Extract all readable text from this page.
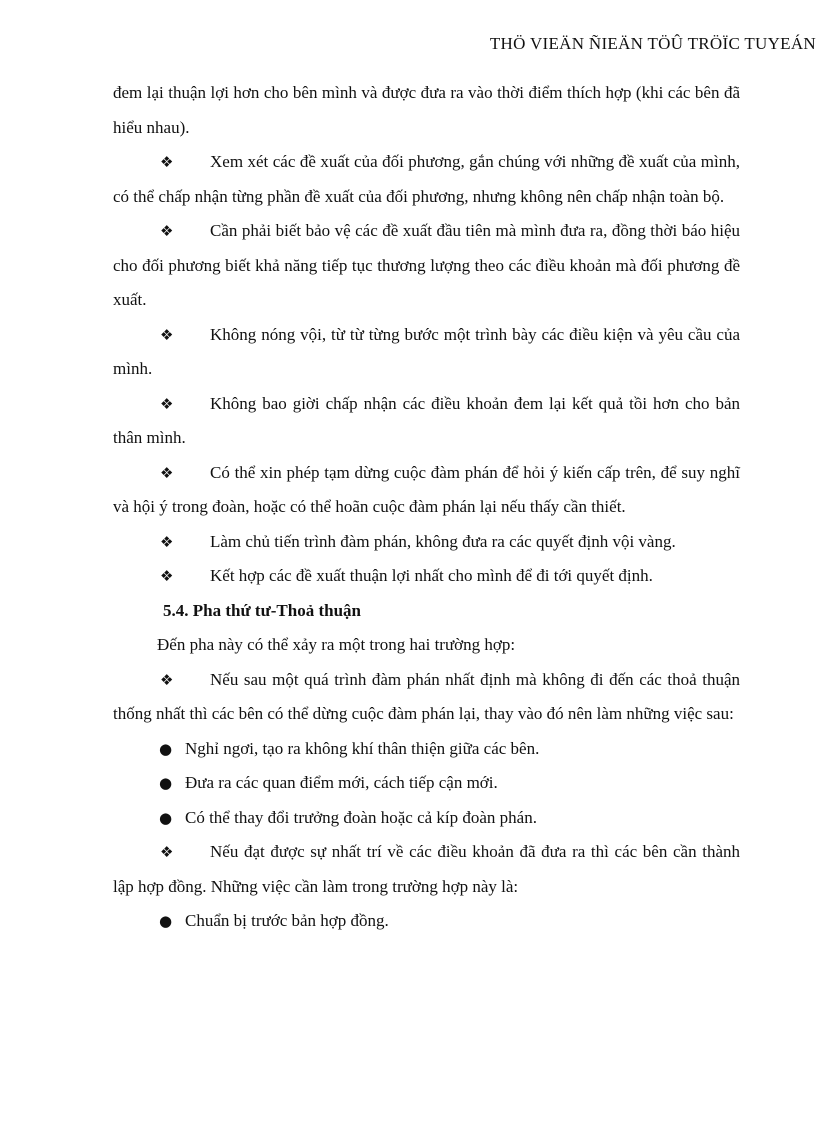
THÖ VIEÄN ÑIEÄN TÖÛ TRÖÏC TUYEÁN

đem lại thuận lợi hơn cho bên mình và được đưa ra vào thời điểm thích hợp (khi các bên đã hiểu nhau).

❖ Xem xét các đề xuất của đối phương, gắn chúng với những đề xuất của mình, có thể chấp nhận từng phần đề xuất của đối phương, nhưng không nên chấp nhận toàn bộ.

❖ Cần phải biết bảo vệ các đề xuất đầu tiên mà mình đưa ra, đồng thời báo hiệu cho đối phương biết khả năng tiếp tục thương lượng theo các điều khoản mà đối phương đề xuất.

❖ Không nóng vội, từ từ từng bước một trình bày các điều kiện và yêu cầu của mình.

❖ Không bao giời chấp nhận các điều khoản đem lại kết quả tồi hơn cho bản thân mình.

❖ Có thể xin phép tạm dừng cuộc đàm phán để hỏi ý kiến cấp trên, để suy nghĩ và hội ý trong đoàn, hoặc có thể hoãn cuộc đàm phán lại nếu thấy cần thiết.

❖ Làm chủ tiến trình đàm phán, không đưa ra các quyết định vội vàng.

❖ Kết hợp các đề xuất thuận lợi nhất cho mình để đi tới quyết định.

5.4. Pha thứ tư-Thoả thuận

Đến pha này có thể xảy ra một trong hai trường hợp:

❖ Nếu sau một quá trình đàm phán nhất định mà không đi đến các thoả thuận thống nhất thì các bên có thể dừng cuộc đàm phán lại, thay vào đó nên làm những việc sau:

● Nghỉ ngơi, tạo ra không khí thân thiện giữa các bên.

● Đưa ra các quan điểm mới, cách tiếp cận mới.

● Có thể thay đổi trưởng đoàn hoặc cả kíp đoàn phán.

❖ Nếu đạt được sự nhất trí về các điều khoản đã đưa ra thì các bên cần thành lập hợp đồng. Những việc cần làm trong trường hợp này là:

● Chuẩn bị trước bản hợp đồng.
